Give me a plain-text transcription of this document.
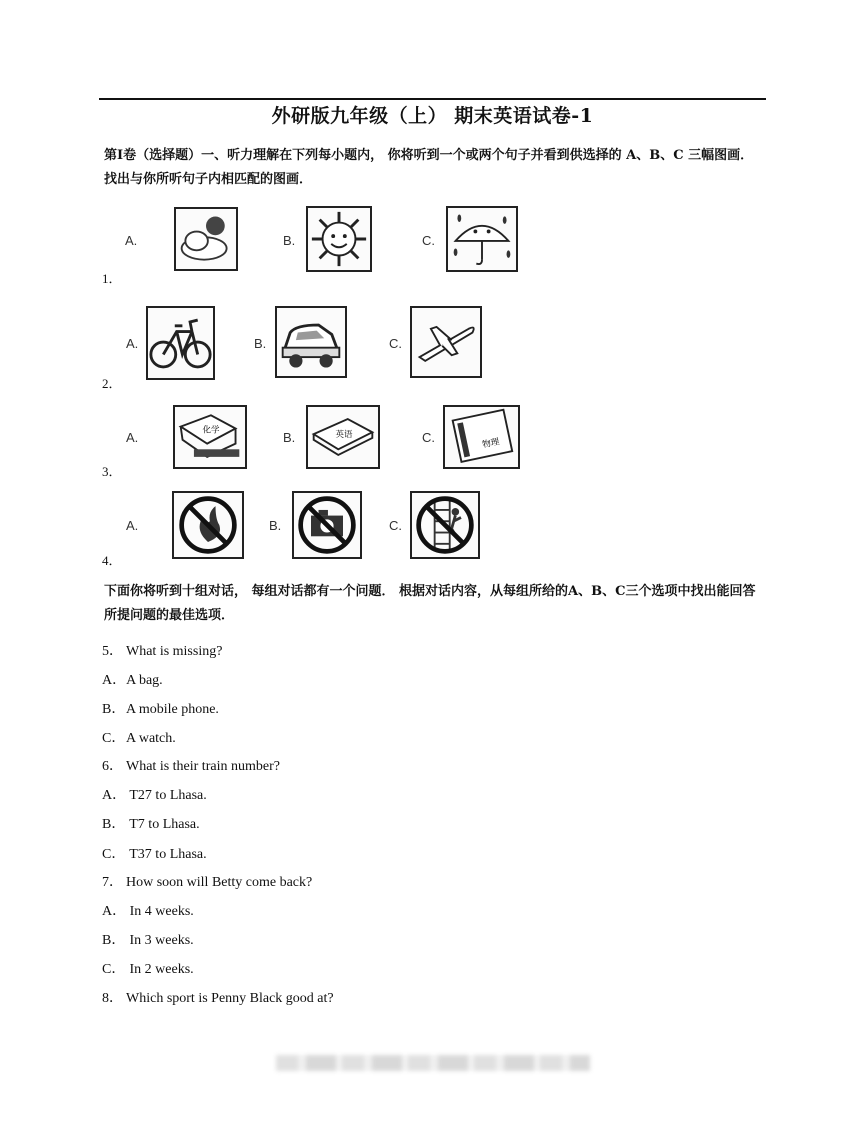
外研版九年级（上） 期末英语试卷-1
第Ⅰ卷（选择题）一、听力理解在下列每小题内， 你将听到一个或两个句子并看到供选择的 A、B、C 三幅图画．找出与你所听句子内相匹配的图画．
1．
A.	B.	C.
2．
A.	B.	C.
3．
A.	化学	B.	英语	C.	物理
4．
A.	B.	C.
下面你将听到十组对话， 每组对话都有一个问题． 根据对话内容，从每组所给的A、B、C三个选项中找出能回答所提问题的最佳选项．
5． What is missing?
A．A bag.
B．A mobile phone.
C．A watch.
6． What is their train number?
A． T27 to Lhasa.
B． T7 to Lhasa.
C． T37 to Lhasa.
7． How soon will Betty come back?
A． In 4 weeks.
B． In 3 weeks.
C． In 2 weeks.
8． Which sport is Penny Black good at?
